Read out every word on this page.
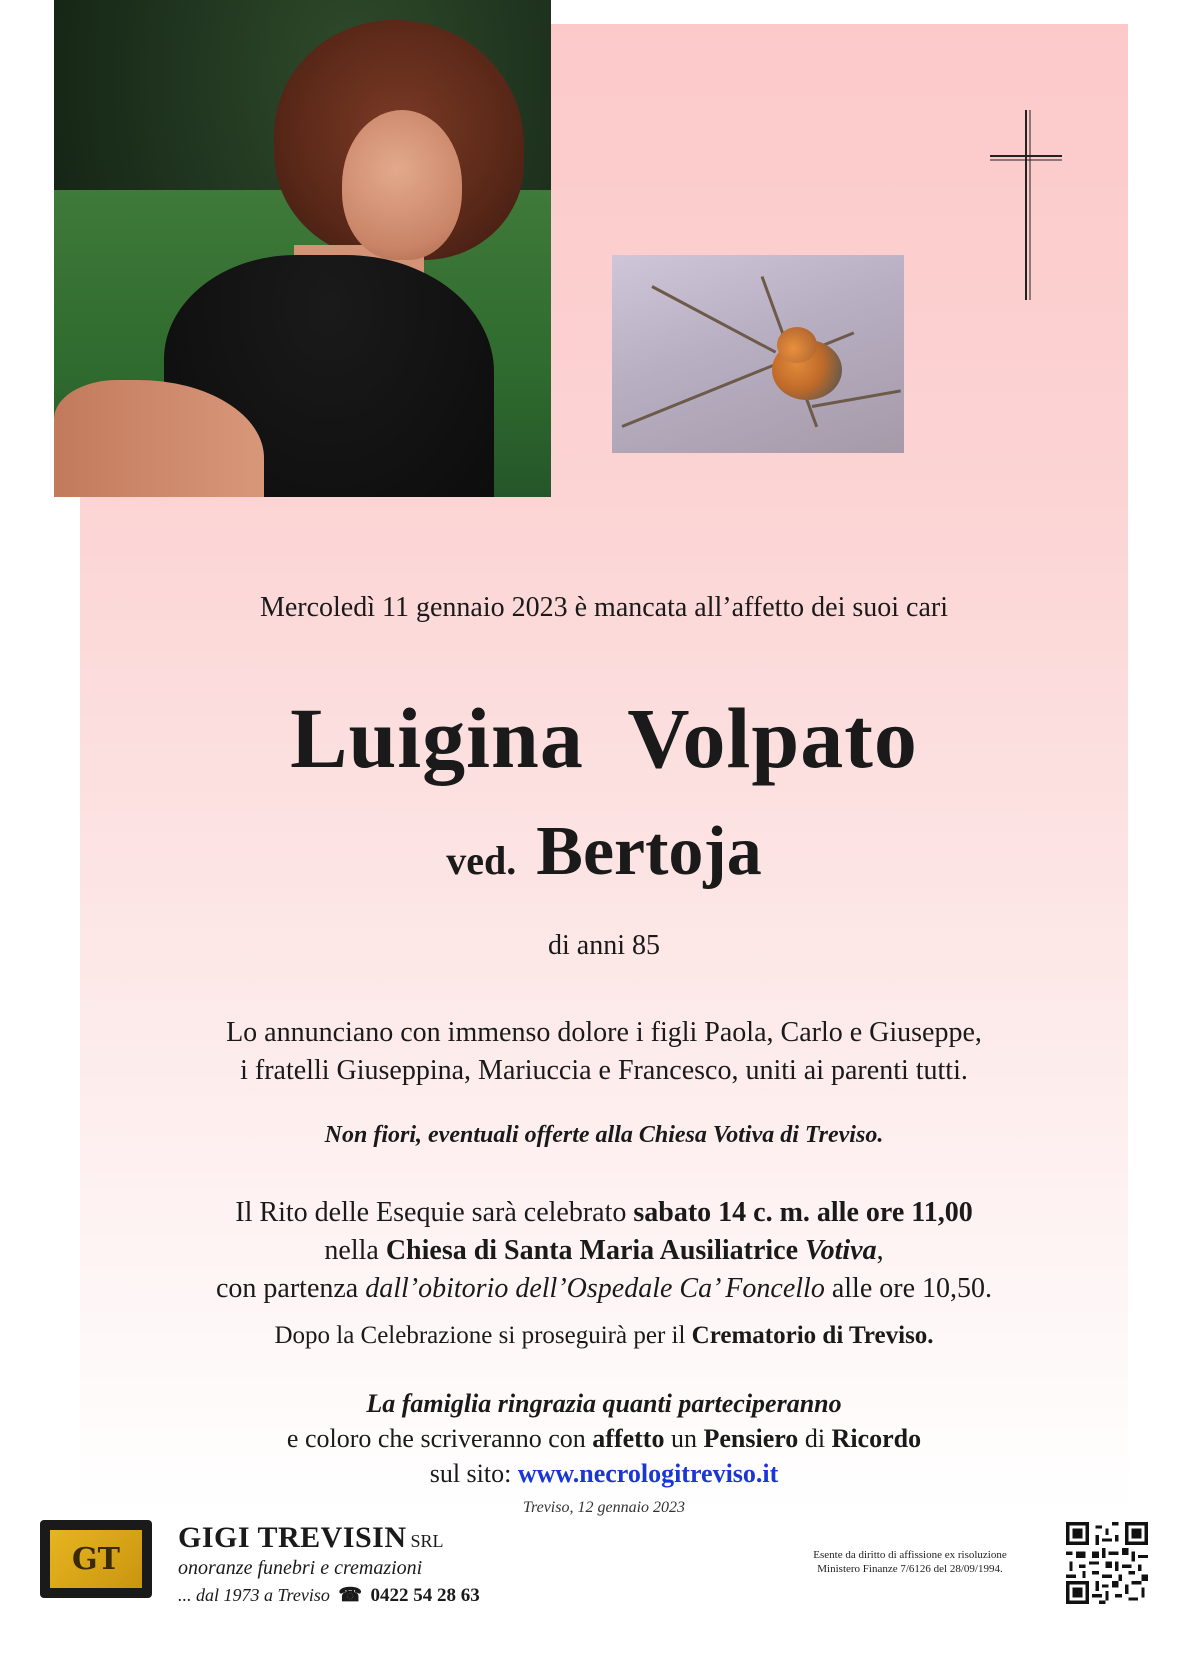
Mercoledì 11 gennaio 2023 è mancata all’affetto dei suoi cari
Luigina  Volpato
ved. Bertoja
di anni 85
Lo annunciano con immenso dolore i figli Paola, Carlo e Giuseppe,
i fratelli Giuseppina, Mariuccia e Francesco, uniti ai parenti tutti.
Non fiori, eventuali offerte alla Chiesa Votiva di Treviso.
Il Rito delle Esequie sarà celebrato sabato 14 c. m. alle ore 11,00
nella Chiesa di Santa Maria Ausiliatrice Votiva,
con partenza dall’obitorio dell’Ospedale Ca’ Foncello alle ore 10,50.
Dopo la Celebrazione si proseguirà per il Crematorio di Treviso.
La famiglia ringrazia quanti parteciperanno
e coloro che scriveranno con affetto un Pensiero di Ricordo
sul sito: www.necrologitreviso.it
Treviso, 12 gennaio 2023
GT
GIGI TREVISIN SRL
onoranze funebri e cremazioni
... dal 1973 a Treviso ☎ 0422 54 28 63
Esente da diritto di affissione ex risoluzione
Ministero Finanze 7/6126 del 28/09/1994.
